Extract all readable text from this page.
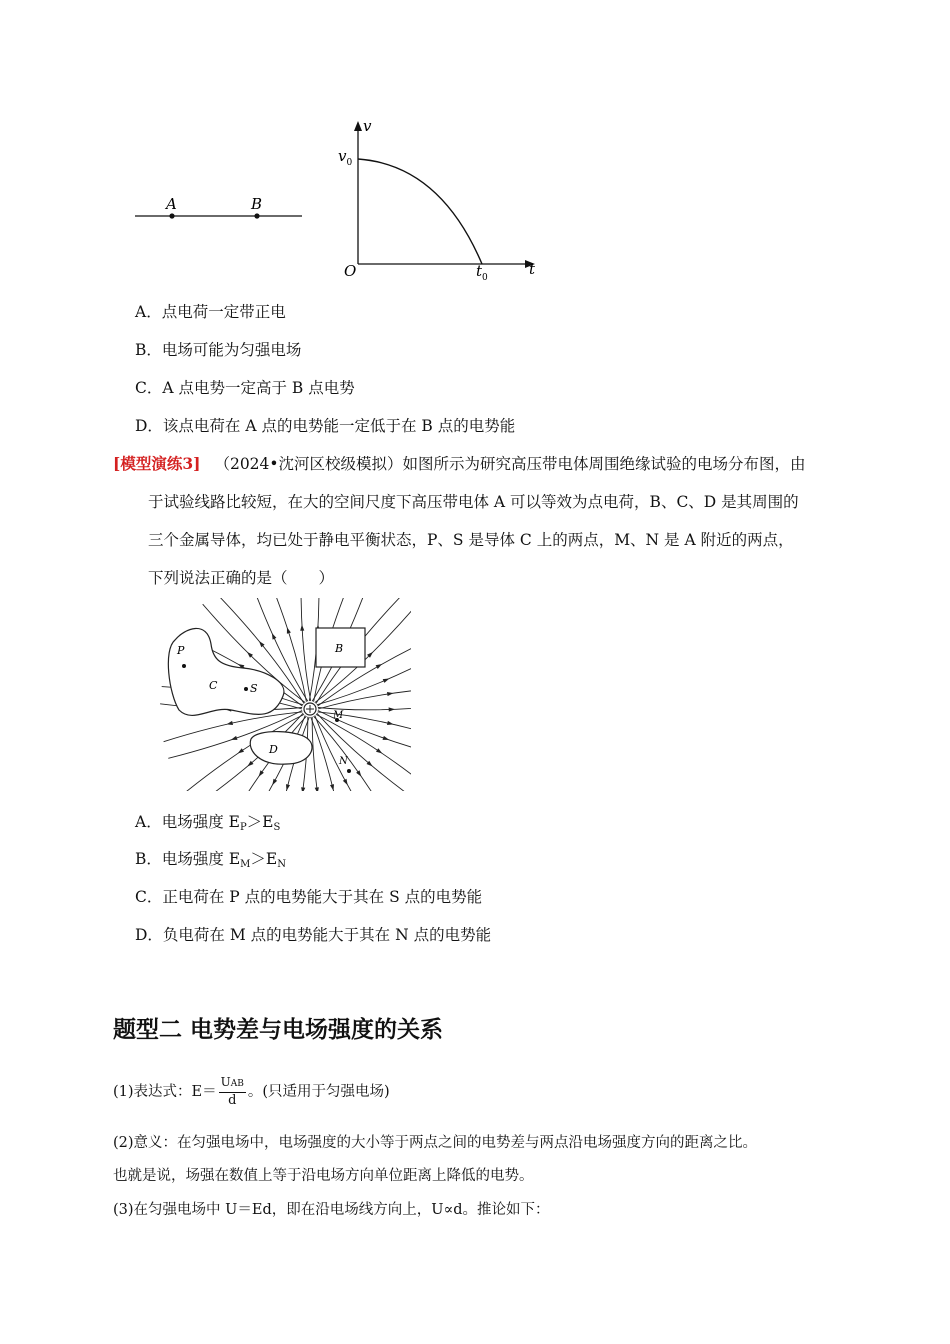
A	B
v
t
O
$v_0$
$t_0$
A．点电荷一定带正电
B．电场可能为匀强电场
C．A 点电势一定高于 B 点电势
D．该点电荷在 A 点的电势能一定低于在 B 点的电势能
[模型演练3] （2024•沈河区校级模拟）如图所示为研究高压带电体周围绝缘试验的电场分布图，由
于试验线路比较短，在大的空间尺度下高压带电体 A 可以等效为点电荷，B、C、D 是其周围的
三个金属导体，均已处于静电平衡状态，P、S 是导体 C 上的两点，M、N 是 A 附近的两点，
下列说法正确的是（　　）
P
C	S
B
M
D
N
A．电场强度 $E_P>E_S$
B．电场强度 $E_M>E_N$
C．正电荷在 P 点的电势能大于其在 S 点的电势能
D．负电荷在 M 点的电势能大于其在 N 点的电势能
题型二 电势差与电场强度的关系
(1)表达式：$E= \frac{\text{UAB}}{d}$ 。(只适用于匀强电场)
(2)意义：在匀强电场中，电场强度的大小等于两点之间的电势差与两点沿电场强度方向的距离之比。
也就是说，场强在数值上等于沿电场方向单位距离上降低的电势。
(3)在匀强电场中 U＝Ed，即在沿电场线方向上，U∝d。推论如下：
